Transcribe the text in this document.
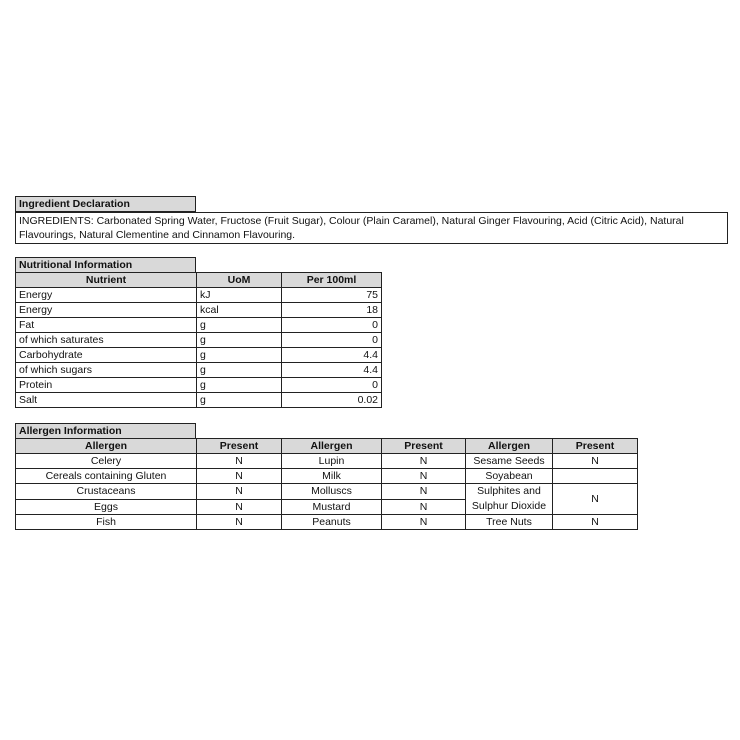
Ingredient Declaration
INGREDIENTS: Carbonated Spring Water, Fructose (Fruit Sugar), Colour (Plain Caramel), Natural Ginger Flavouring, Acid (Citric Acid), Natural Flavourings, Natural Clementine and Cinnamon Flavouring.
Nutritional Information
Nutrient	UoM	Per 100ml
Energy	kJ	75
Energy	kcal	18
Fat	g	0
of which saturates	g	0
Carbohydrate	g	4.4
of which sugars	g	4.4
Protein	g	0
Salt	g	0.02
Allergen Information
Allergen	Present	Allergen	Present	Allergen	Present
Celery	N	Lupin	N	Sesame Seeds	N
Cereals containing Gluten	N	Milk	N	Soyabean	
Crustaceans	N	Molluscs	N	Sulphites and Sulphur Dioxide	N
Eggs	N	Mustard	N		
Fish	N	Peanuts	N	Tree Nuts	N
